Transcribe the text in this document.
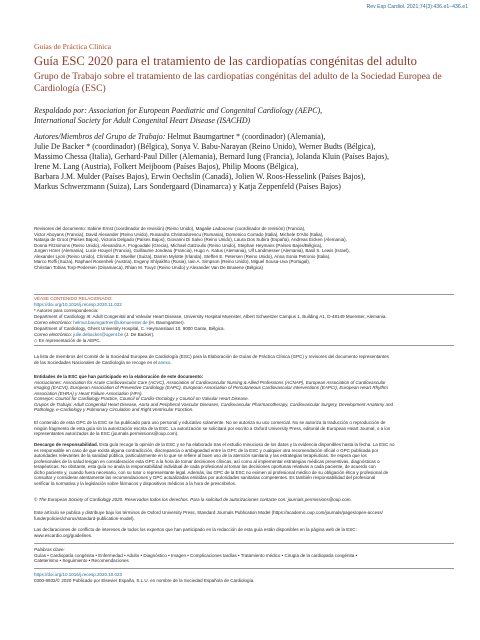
Rev Esp Cardiol. 2021;74(3):436.e1–436.e1
Guías de Práctica Clínica
Guía ESC 2020 para el tratamiento de las cardiopatías congénitas del adulto
Grupo de Trabajo sobre el tratamiento de las cardiopatías congénitas del adulto de la Sociedad Europea de Cardiología (ESC)
Respaldado por: Association for European Paediatric and Congenital Cardiology (AEPC),
International Society for Adult Congenital Heart Disease (ISACHD)
Autores/Miembros del Grupo de Trabajo: Helmut Baumgartner * (coordinador) (Alemania),
Julie De Backer * (coordinador) (Bélgica), Sonya V. Babu-Narayan (Reino Unido), Werner Budts (Bélgica),
Massimo Chessa (Italia), Gerhard-Paul Diller (Alemania), Bernard Iung (Francia), Jolanda Kluin (Países Bajos),
Irene M. Lang (Austria), Folkert Meijboom (Países Bajos), Philip Moons (Bélgica),
Barbara J.M. Mulder (Países Bajos), Erwin Oechslin (Canadá), Jolien W. Roos-Hesselink (Países Bajos),
Markus Schwerzmann (Suiza), Lars Sondergaard (Dinamarca) y Katja Zeppenfeld (Países Bajos)
Revisores del documento: Sabine Ernst (coordinador de revisión) (Reino Unido), Magalie Ladouceur (coordinador de revisión) (Francia),
Victor Aboyans (Francia), David Alexander (Reino Unido), Ruxandra Christodorescu (Rumania), Domenico Corrado (Italia), Michele D'Alto (Italia),
Natasja de Groot (Países Bajos), Victoria Delgado (Países Bajos), Giovanni Di Salvo (Reino Unido), Laura Dos Subira (España), Andreas Eicken (Alemania),
Donna Fitzsimons (Reino Unido), Alexandra A. Frogoudaki (Grecia), Michael Gatzoulis (Reino Unido), Stephan Heymans (Países Bajos/Bélgica),
Jurgen Hörer (Alemania), Lucie Houyel (Francia), Guillaume Jondeau (Francia), Hugo A. Katus (Alemania), Ulf Landmesser (Alemania), Basil S. Lewis (Israel),
Alexander Lyon (Reino Unido), Christian E. Mueller (Suiza), Darren Mylotte (Irlanda), Steffen E. Petersen (Reino Unido), Anna Sonia Petronio (Italia),
Marco Roffi (Suiza), Raphael Rosenhek (Austria), Evgeny Shlyakhto (Rusia), Iain A. Simpson (Reino Unido), Miguel Sousa-Uva (Portugal),
Christian Tobias Torp-Pedersen (Dinamarca), Rhian M. Touyz (Reino Unido) y Alexander Van De Bruaene (Bélgica)
VÉASE CONTENIDO RELACIONADO:
https://doi.org/10.1016/j.recesp.2020.11.022
* Autores para correspondencia:
Department of Cardiology III: Adult Congenital and Valvular Heart Disease, University Hospital Muenster, Albert Schweitzer Campus 1, Building A1, D-48149 Muenster, Alemania.
Correo electrónico: helmut.baumgartner@ukmuenster.de (H. Baumgartner).
Department of Cardiology, Ghent University Hospital, C. Heymanslaan 10, 9000 Gante, Bélgica.
Correo electrónico: julie.debacker@ugent.be (J. De Backer).
◇ En representación de la AEPC.
La lista de miembros del Comité de la Sociedad Europea de Cardiología (ESC) para la Elaboración de Guías de Práctica Clínica (GPC) y revisores del documento representantes
de las Sociedades Nacionales de Cardiología se recoge en el anexo.
Entidades de la ESC que han participado en la elaboración de este documento:
Asociaciones: Association for Acute Cardiovascular Care (ACVC), Association of Cardiovascular Nursing & Allied Professions (ACNAP), European Association of Cardiovascular
Imaging (EACVI), European Association of Preventive Cardiology (EAPC), European Association of Percutaneous Cardiovascular Interventions (EAPCI), European Heart Rhythm
Association (EHRA) y Heart Failure Association (HFA).
Consejos: Council for Cardiology Practice, Council of Cardio-Oncology y Council on Valvular Heart Disease.
Grupos de Trabajo: Adult Congenital Heart Disease, Aorta and Peripheral Vascular Diseases, Cardiovascular Pharmacotherapy, Cardiovascular Surgery, Development Anatomy and
Pathology, e-Cardiology y Pulmonary Circulation and Right Ventricular Function.
El contenido de esta GPC de la ESC se ha publicado para uso personal y educativo solamente. No se autoriza su uso comercial. No se autoriza la traducción o reproducción de
ningún fragmento de esta guía sin la autorización escrita de la ESC. La autorización se solicitará por escrito a Oxford University Press, editorial de European Heart Journal, o a los
representantes autorizados de la ESC (journals.permissions@oup.com).
Descargo de responsabilidad. Esta guía recoge la opinión de la ESC y se ha elaborado tras el estudio minucioso de los datos y la evidencia disponibles hasta la fecha. La ESC no
es responsable en caso de que exista alguna contradicción, discrepancia o ambigüedad entre la GPC de la ESC y cualquier otra recomendación oficial o GPC publicada por
autoridades relevantes de la sanidad pública, particularmente en lo que se refiere al buen uso de la atención sanitaria y las estrategias terapéuticas. Se espera que los
profesionales de la salud tengan en consideración esta GPC a la hora de tomar decisiones clínicas, así como al implementar estrategias médicas preventivas, diagnósticas o
terapéuticas. No obstante, esta guía no anula la responsabilidad individual de cada profesional al tomar las decisiones oportunas relativas a cada paciente, de acuerdo con
dicho paciente y, cuando fuera necesario, con su tutor o representante legal. Además, las GPC de la ESC no eximen al profesional médico de su obligación ética y profesional de
consultar y considerar atentamente las recomendaciones y GPC actualizadas emitidas por autoridades sanitarias competentes. Es también responsabilidad del profesional
verificar la normativa y la legislación sobre fármacos y dispositivos médicos a la hora de prescribirlos.
© The European Society of Cardiology 2020. Reservados todos los derechos. Para la solicitud de autorizaciones contacte con: journals.permissions@oup.com.
Este artículo se publica y distribuye bajo los términos de Oxford University Press, Standard Journals Publication Model (https://academic.oup.com/journals/pages/open-access/
funderpolicies/chorus/standard-publication-model).
Las declaraciones de conflicto de intereses de todos los expertos que han participado en la redacción de esta guía están disponibles en la página web de la ESC:
www.escardio.org/guidelines.
Palabras clave:
Guías • Cardiopatía congénita • Enfermedad • Adulto • Diagnóstico • Imagen • Complicaciones tardías • Tratamiento médico • Cirugía de la cardiopatía congénita •
Cateterismo • Seguimiento • Recomendaciones
https://doi.org/10.1016/j.recesp.2020.10.023
0300-8932/© 2020 Publicado por Elsevier España, S.L.U. en nombre de la Sociedad Española de Cardiología.
